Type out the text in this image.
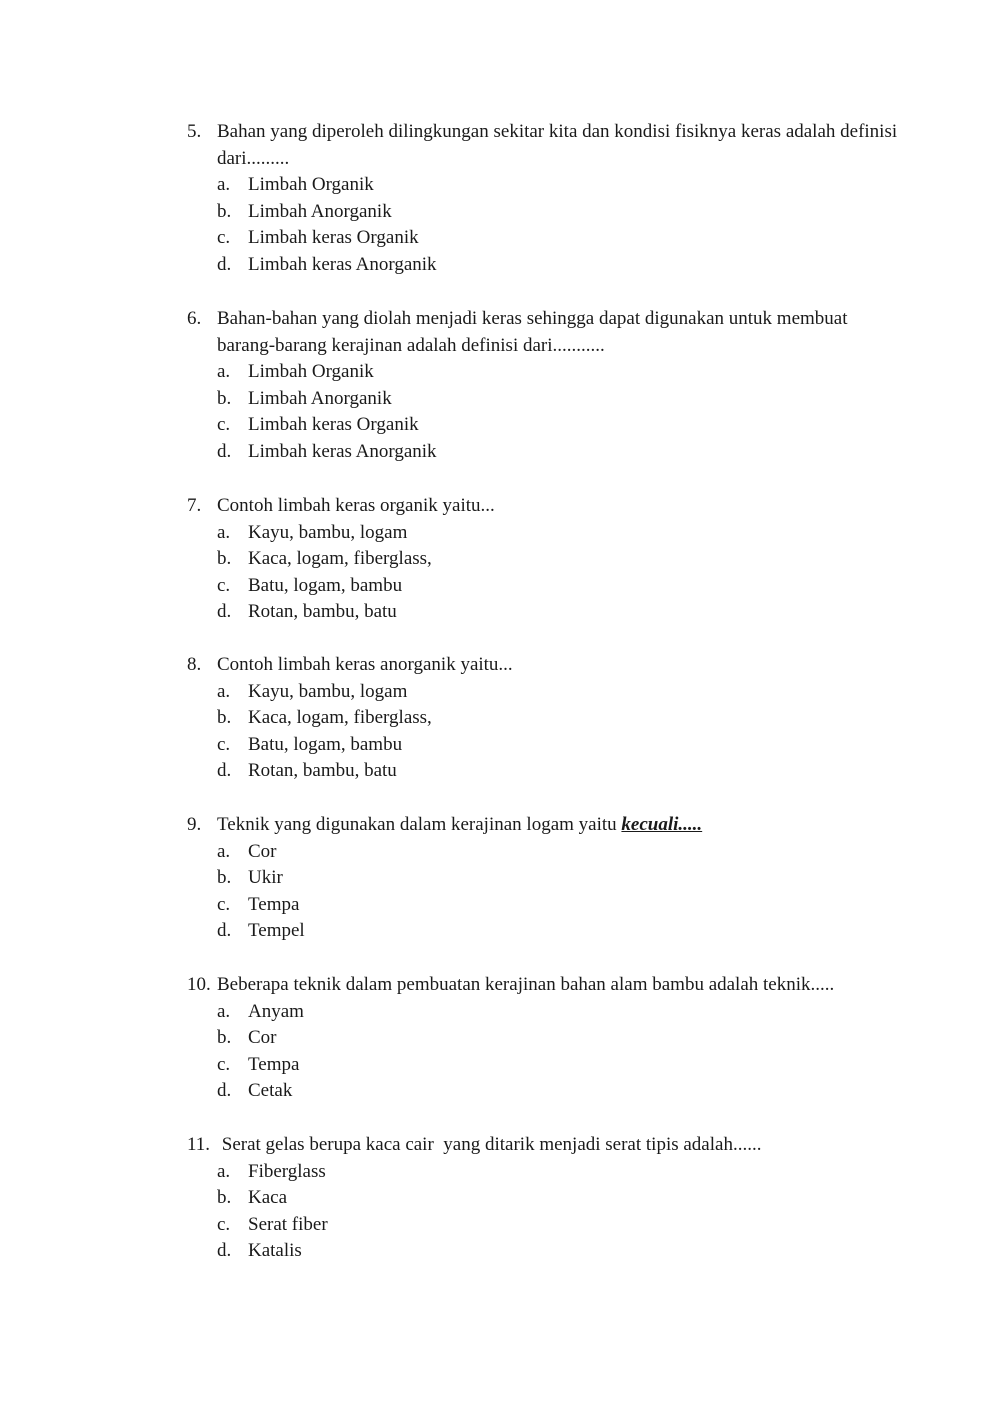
5. Bahan yang diperoleh dilingkungan sekitar kita dan kondisi fisiknya keras adalah definisi dari.........
a. Limbah Organik
b. Limbah Anorganik
c. Limbah keras Organik
d. Limbah keras Anorganik
6. Bahan-bahan yang diolah menjadi keras sehingga dapat digunakan untuk membuat barang-barang kerajinan adalah definisi dari...........
a. Limbah Organik
b. Limbah Anorganik
c. Limbah keras Organik
d. Limbah keras Anorganik
7. Contoh limbah keras organik yaitu...
a. Kayu, bambu, logam
b. Kaca, logam, fiberglass,
c. Batu, logam, bambu
d. Rotan, bambu, batu
8. Contoh limbah keras anorganik yaitu...
a. Kayu, bambu, logam
b. Kaca, logam, fiberglass,
c. Batu, logam, bambu
d. Rotan, bambu, batu
9. Teknik yang digunakan dalam kerajinan logam yaitu kecuali.....
a. Cor
b. Ukir
c. Tempa
d. Tempel
10. Beberapa teknik dalam pembuatan kerajinan bahan alam bambu adalah teknik.....
a. Anyam
b. Cor
c. Tempa
d. Cetak
11. Serat gelas berupa kaca cair  yang ditarik menjadi serat tipis adalah......
a. Fiberglass
b. Kaca
c. Serat fiber
d. Katalis
